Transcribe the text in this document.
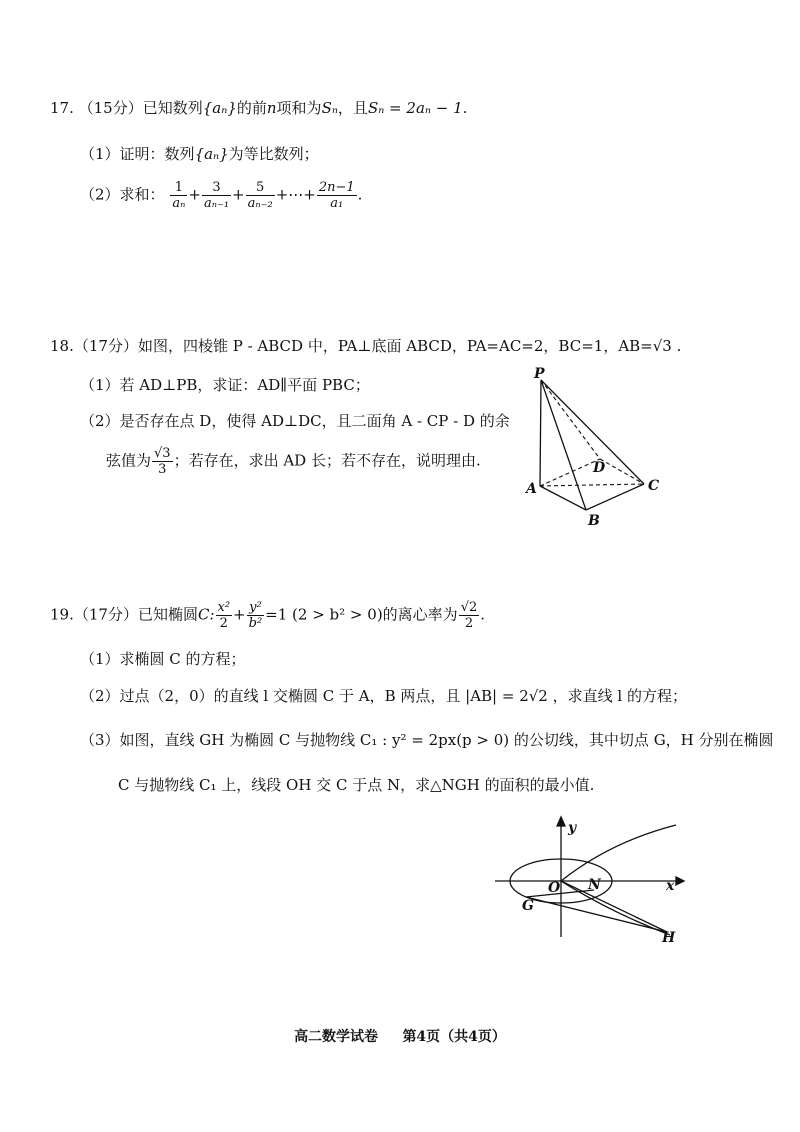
17. （15分）已知数列{aₙ}的前n项和为Sₙ，且Sₙ = 2aₙ − 1.
（1）证明：数列{aₙ}为等比数列；
（2）求和： $\frac{1}{\text{aₙ}} + \frac{3}{\text{aₙ₋₁}} + \frac{5}{\text{aₙ₋₂}}$ +⋯+ $\frac{2n-1}{\text{a₁}}$ .
18.（17分）如图，四棱锥 P - ABCD 中，PA⊥底面 ABCD，PA=AC=2，BC=1，AB=√3 .
（1）若 AD⊥PB，求证：AD∥平面 PBC；
（2）是否存在点 D，使得 AD⊥DC，且二面角 A - CP - D 的余
弦值为 $\frac{√3}{3}$ ；若存在，求出 AD 长；若不存在，说明理由.
P
A
B
C
D
19.（17分）已知椭圆C: $\frac{\text{x²}}{2} + \frac{\text{y²}}{\text{b²}} =1$ (2 > b² > 0)的离心率为 $\frac{√2}{2}$ .
（1）求椭圆 C 的方程；
（2）过点（2，0）的直线 l 交椭圆 C 于 A，B 两点，且 |AB| = 2√2 ，求直线 l 的方程；
（3）如图，直线 GH 为椭圆 C 与抛物线 C₁ : y² = 2px(p > 0) 的公切线，其中切点 G，H 分别在椭圆
C 与抛物线 C₁ 上，线段 OH 交 C 于点 N，求△NGH 的面积的最小值.
y
x
O N
G
H
高二数学试卷 第4页（共4页）
